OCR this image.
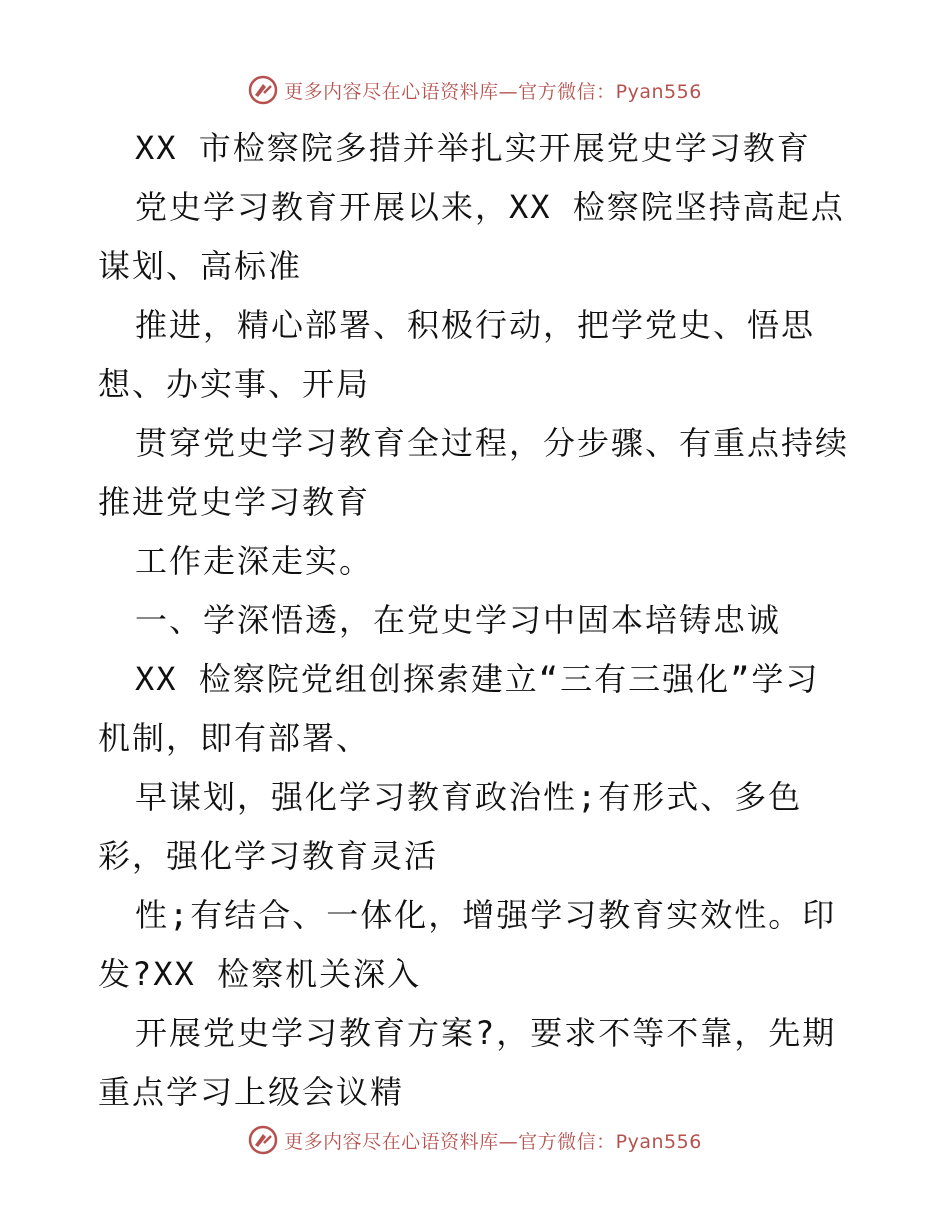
更多内容尽在心语资料库—官方微信：Pyan556
XX 市检察院多措并举扎实开展党史学习教育
党史学习教育开展以来，XX 检察院坚持高起点
谋划、高标准
推进，精心部署、积极行动，把学党史、悟思
想、办实事、开局
贯穿党史学习教育全过程，分步骤、有重点持续
推进党史学习教育
工作走深走实。
一、学深悟透，在党史学习中固本培铸忠诚
XX 检察院党组创探索建立“三有三强化”学习
机制，即有部署、
早谋划，强化学习教育政治性;有形式、多色
彩，强化学习教育灵活
性;有结合、一体化，增强学习教育实效性。印
发?XX 检察机关深入
开展党史学习教育方案?，要求不等不靠，先期
重点学习上级会议精
更多内容尽在心语资料库—官方微信：Pyan556
